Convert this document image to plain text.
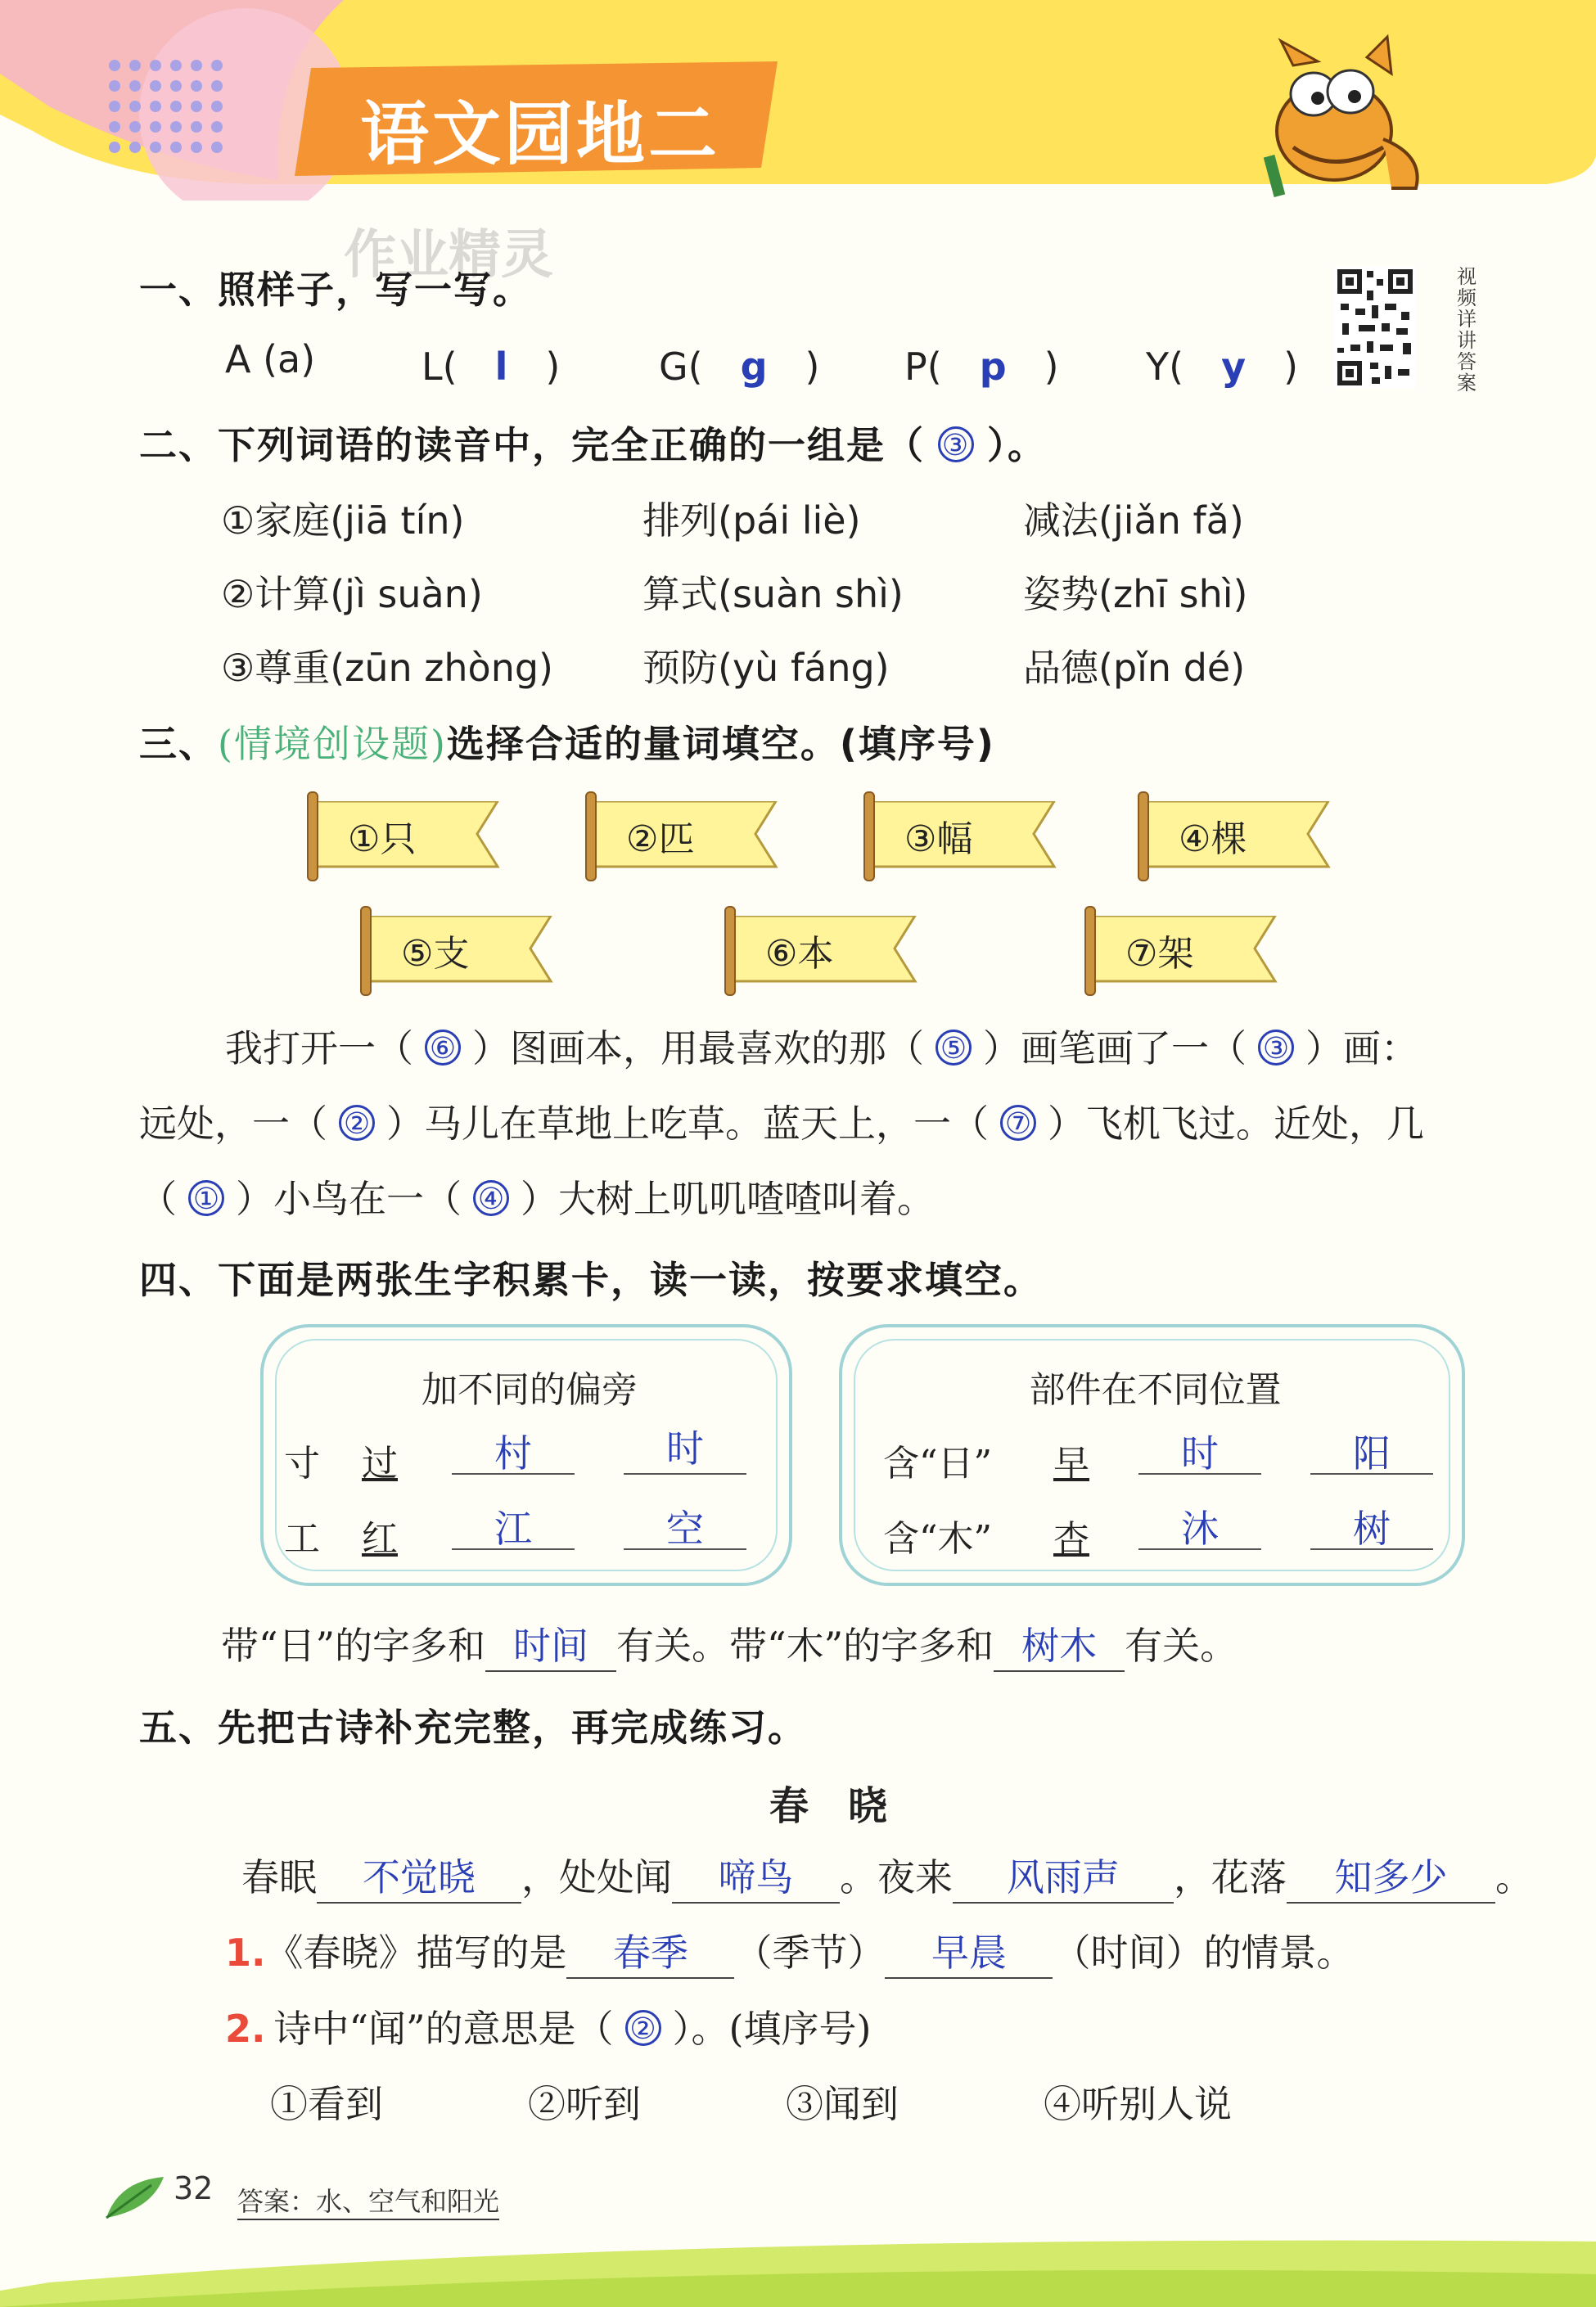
语文园地二
作业精灵	视频详讲答案
一、照样子，写一写。
A (a)	L(　l　)	G(　g　) P(　p　) Y(　y　)
二、下列词语的读音中，完全正确的一组是（ ③ ）。
①家庭(jiā tín)	排列(pái liè)	减法(jiǎn fǎ)
②计算(jì suàn)	算式(suàn shì)	姿势(zhī shì)
③尊重(zūn zhòng) 预防(yù fáng)	品德(pǐn dé)
三、(情境创设题)选择合适的量词填空。(填序号)
①只	②匹	③幅	④棵
⑤支	⑥本	⑦架
我打开一（ ⑥ ）图画本，用最喜欢的那（ ⑤ ）画笔画了一（ ③ ）画：
远处，一（ ② ）马儿在草地上吃草。蓝天上，一（ ⑦ ）飞机飞过。近处，几
（ ① ）小鸟在一（ ④ ）大树上叽叽喳喳叫着。
四、下面是两张生字积累卡，读一读，按要求填空。
加不同的偏旁
寸 过	村	时
工 红	江	空
部件在不同位置
含“日” 早	时	阳
含“木” 杏	沐	树
带“日”的字多和 时间 有关。带“木”的字多和 树木 有关。
五、先把古诗补充完整，再完成练习。
春　晓
春眠 不觉晓 ，处处闻 啼鸟 。夜来 风雨声 ，花落 知多少 。
1.《春晓》描写的是 春季 （季节） 早晨 （时间）的情景。
2. 诗中“闻”的意思是（ ② ）。(填序号)
①看到	②听到	③闻到	④听别人说
32 答案：水、空气和阳光
